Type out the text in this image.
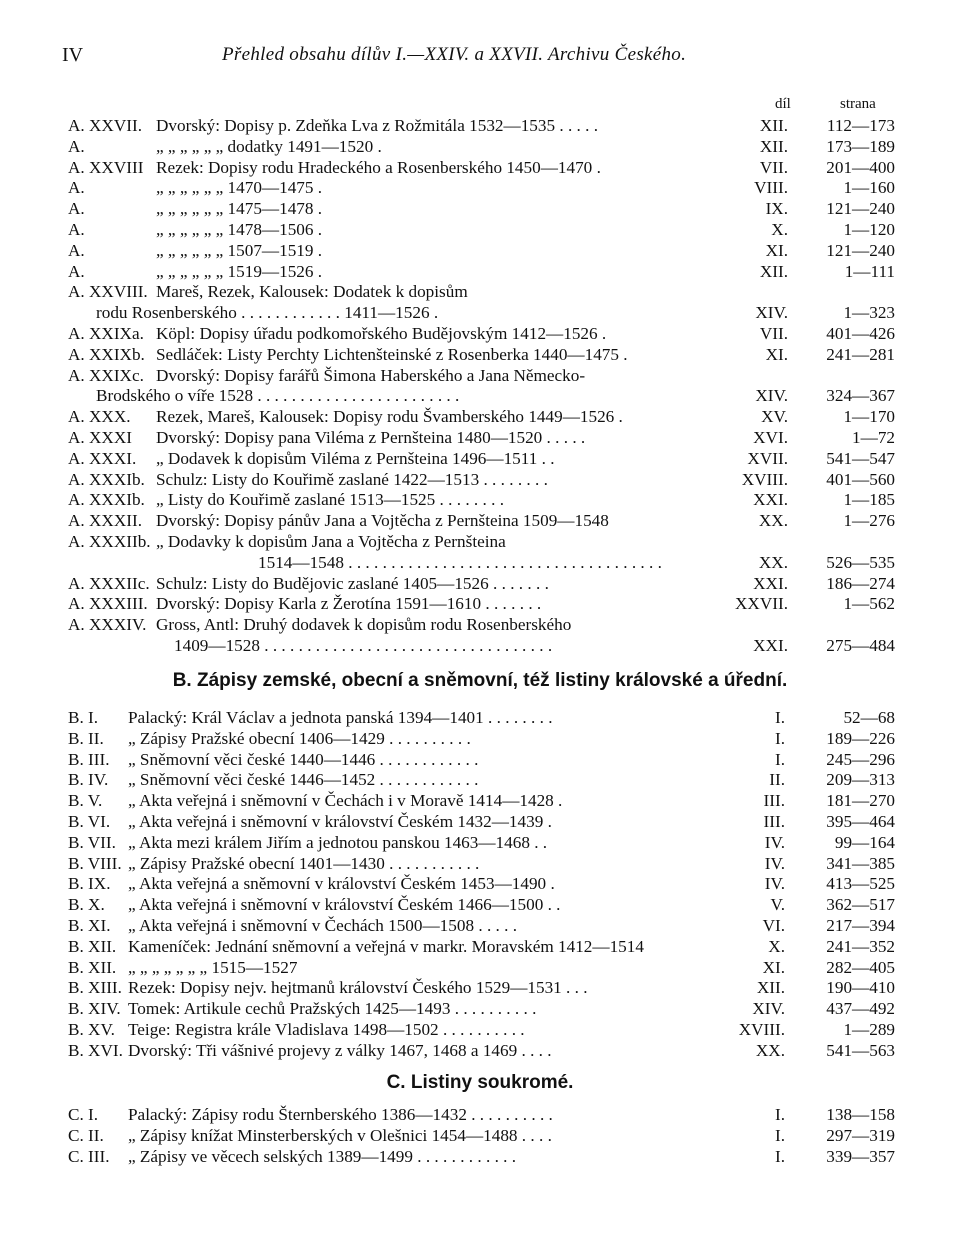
IV	Přehled obsahu dílův I.—XXIV. a XXVII. Archivu Českého.
díl	strana
A. XXVII. Dvorský: Dopisy p. Zdeňka Lva z Rožmitála 1532—1535 . . . . .	XII.	112—173
A.	„ „ „ „ „ „ dodatky 1491—1520 .	XII.	173—189
A. XXVIII Rezek: Dopisy rodu Hradeckého a Rosenberského 1450—1470 .	VII.	201—400
A.	„ „ „ „ „ „ 1470—1475 .	VIII.	1—160
A.	„ „ „ „ „ „ 1475—1478 .	IX.	121—240
A.	„ „ „ „ „ „ 1478—1506 .	X.	1—120
A.	„ „ „ „ „ „ 1507—1519 .	XI.	121—240
A.	„ „ „ „ „ „ 1519—1526 .	XII.	1—111
A. XXVIII. Mareš, Rezek, Kalousek: Dodatek k dopisům
rodu Rosenberského . . . . . . . . . . . . 1411—1526 .	XIV.	1—323
A. XXIXa. Köpl: Dopisy úřadu podkomořského Budějovským 1412—1526 .	VII.	401—426
A. XXIXb. Sedláček: Listy Perchty Lichtenšteinské z Rosenberka 1440—1475 .	XI.	241—281
A. XXIXc. Dvorský: Dopisy farářů Šimona Haberského a Jana Německo-
Brodského o víře 1528 . . . . . . . . . . . . . . . . . . . . . . . .	XIV.	324—367
A. XXX. Rezek, Mareš, Kalousek: Dopisy rodu Švamberského 1449—1526 .	XV.	1—170
A. XXXI Dvorský: Dopisy pana Viléma z Pernšteina 1480—1520 . . . . .	XVI.	1—72
A. XXXI. „ Dodavek k dopisům Viléma z Pernšteina 1496—1511 . .	XVII.	541—547
A. XXXIb. Schulz: Listy do Kouřimě zaslané 1422—1513 . . . . . . . .	XVIII.	401—560
A. XXXIb. „ Listy do Kouřimě zaslané 1513—1525 . . . . . . . .	XXI.	1—185
A. XXXII. Dvorský: Dopisy pánův Jana a Vojtěcha z Pernšteina 1509—1548	XX.	1—276
A. XXXIIb. „ Dodavky k dopisům Jana a Vojtěcha z Pernšteina
1514—1548 . . . . . . . . . . . . . . . . . . . . . . . . . . . . . . . . . . . . .	XX.	526—535
A. XXXIIc. Schulz: Listy do Budějovic zaslané 1405—1526 . . . . . . .	XXI.	186—274
A. XXXIII. Dvorský: Dopisy Karla z Žerotína 1591—1610 . . . . . . .	XXVII.	1—562
A. XXXIV. Gross, Antl: Druhý dodavek k dopisům rodu Rosenberského
1409—1528 . . . . . . . . . . . . . . . . . . . . . . . . . . . . . . . . . .	XXI.	275—484
B. Zápisy zemské, obecní a sněmovní, též listiny královské a úřední.
B. I. Palacký: Král Václav a jednota panská 1394—1401 . . . . . . . .	I.	52—68
B. II. „ Zápisy Pražské obecní 1406—1429 . . . . . . . . . .	I.	189—226
B. III. „ Sněmovní věci české 1440—1446 . . . . . . . . . . . .	I.	245—296
B. IV. „ Sněmovní věci české 1446—1452 . . . . . . . . . . . .	II.	209—313
B. V. „ Akta veřejná i sněmovní v Čechách i v Moravě 1414—1428 .	III.	181—270
B. VI. „ Akta veřejná i sněmovní v království Českém 1432—1439 .	III.	395—464
B. VII. „ Akta mezi králem Jiřím a jednotou panskou 1463—1468 . .	IV.	99—164
B. VIII. „ Zápisy Pražské obecní 1401—1430 . . . . . . . . . . .	IV.	341—385
B. IX. „ Akta veřejná a sněmovní v království Českém 1453—1490 .	IV.	413—525
B. X. „ Akta veřejná i sněmovní v království Českém 1466—1500 . .	V.	362—517
B. XI. „ Akta veřejná i sněmovní v Čechách 1500—1508 . . . . .	VI.	217—394
B. XII. Kameníček: Jednání sněmovní a veřejná v markr. Moravském 1412—1514	X.	241—352
B. XII. „ „ „ „ „ „ „ 1515—1527	XI.	282—405
B. XIII. Rezek: Dopisy nejv. hejtmanů království Českého 1529—1531 . . .	XII.	190—410
B. XIV. Tomek: Artikule cechů Pražských 1425—1493 . . . . . . . . . .	XIV.	437—492
B. XV. Teige: Registra krále Vladislava 1498—1502 . . . . . . . . . .	XVIII.	1—289
B. XVI. Dvorský: Tři vášnivé projevy z války 1467, 1468 a 1469 . . . .	XX.	541—563
C. Listiny soukromé.
C. I. Palacký: Zápisy rodu Šternberského 1386—1432 . . . . . . . . . .	I.	138—158
C. II. „ Zápisy knížat Minsterberských v Olešnici 1454—1488 . . . .	I.	297—319
C. III. „ Zápisy ve věcech selských 1389—1499 . . . . . . . . . . . .	I.	339—357
